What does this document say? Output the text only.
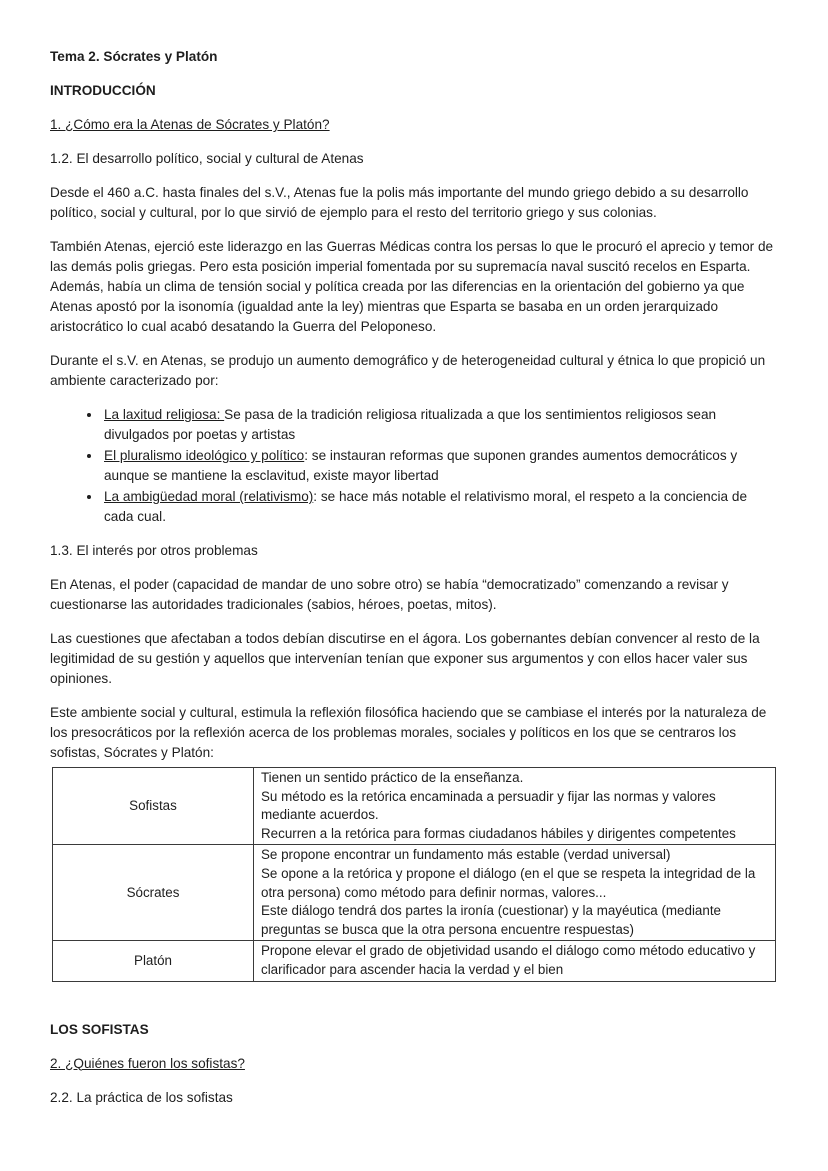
Tema 2. Sócrates y Platón

INTRODUCCIÓN

1. ¿Cómo era la Atenas de Sócrates y Platón?

1.2. El desarrollo político, social y cultural de Atenas

Desde el 460 a.C. hasta finales del s.V., Atenas fue la polis más importante del mundo griego debido a su desarrollo político, social y cultural, por lo que sirvió de ejemplo para el resto del territorio griego y sus colonias.

También Atenas, ejerció este liderazgo en las Guerras Médicas contra los persas lo que le procuró el aprecio y temor de las demás polis griegas. Pero esta posición imperial fomentada por su supremacía naval suscitó recelos en Esparta. Además, había un clima de tensión social y política creada por las diferencias en la orientación del gobierno ya que Atenas apostó por la isonomía (igualdad ante la ley) mientras que Esparta se basaba en un orden jerarquizado aristocrático lo cual acabó desatando la Guerra del Peloponeso.

Durante el s.V. en Atenas, se produjo un aumento demográfico y de heterogeneidad cultural y étnica lo que propició un ambiente caracterizado por:

• La laxitud religiosa: Se pasa de la tradición religiosa ritualizada a que los sentimientos religiosos sean divulgados por poetas y artistas
• El pluralismo ideológico y político: se instauran reformas que suponen grandes aumentos democráticos y aunque se mantiene la esclavitud, existe mayor libertad
• La ambigüedad moral (relativismo): se hace más notable el relativismo moral, el respeto a la conciencia de cada cual.

1.3. El interés por otros problemas

En Atenas, el poder (capacidad de mandar de uno sobre otro) se había “democratizado” comenzando a revisar y cuestionarse las autoridades tradicionales (sabios, héroes, poetas, mitos).

Las cuestiones que afectaban a todos debían discutirse en el ágora. Los gobernantes debían convencer al resto de la legitimidad de su gestión y aquellos que intervenían tenían que exponer sus argumentos y con ellos hacer valer sus opiniones.

Este ambiente social y cultural, estimula la reflexión filosófica haciendo que se cambiase el interés por la naturaleza de los presocráticos por la reflexión acerca de los problemas morales, sociales y políticos en los que se centraros los sofistas, Sócrates y Platón:

Sofistas	Tienen un sentido práctico de la enseñanza.
Su método es la retórica encaminada a persuadir y fijar las normas y valores mediante acuerdos.
Recurren a la retórica para formas ciudadanos hábiles y dirigentes competentes

Sócrates	Se propone encontrar un fundamento más estable (verdad universal)
Se opone a la retórica y propone el diálogo (en el que se respeta la integridad de la otra persona) como método para definir normas, valores...
Este diálogo tendrá dos partes la ironía (cuestionar) y la mayéutica (mediante preguntas se busca que la otra persona encuentre respuestas)

Platón	Propone elevar el grado de objetividad usando el diálogo como método educativo y clarificador para ascender hacia la verdad y el bien

LOS SOFISTAS

2. ¿Quiénes fueron los sofistas?

2.2. La práctica de los sofistas
